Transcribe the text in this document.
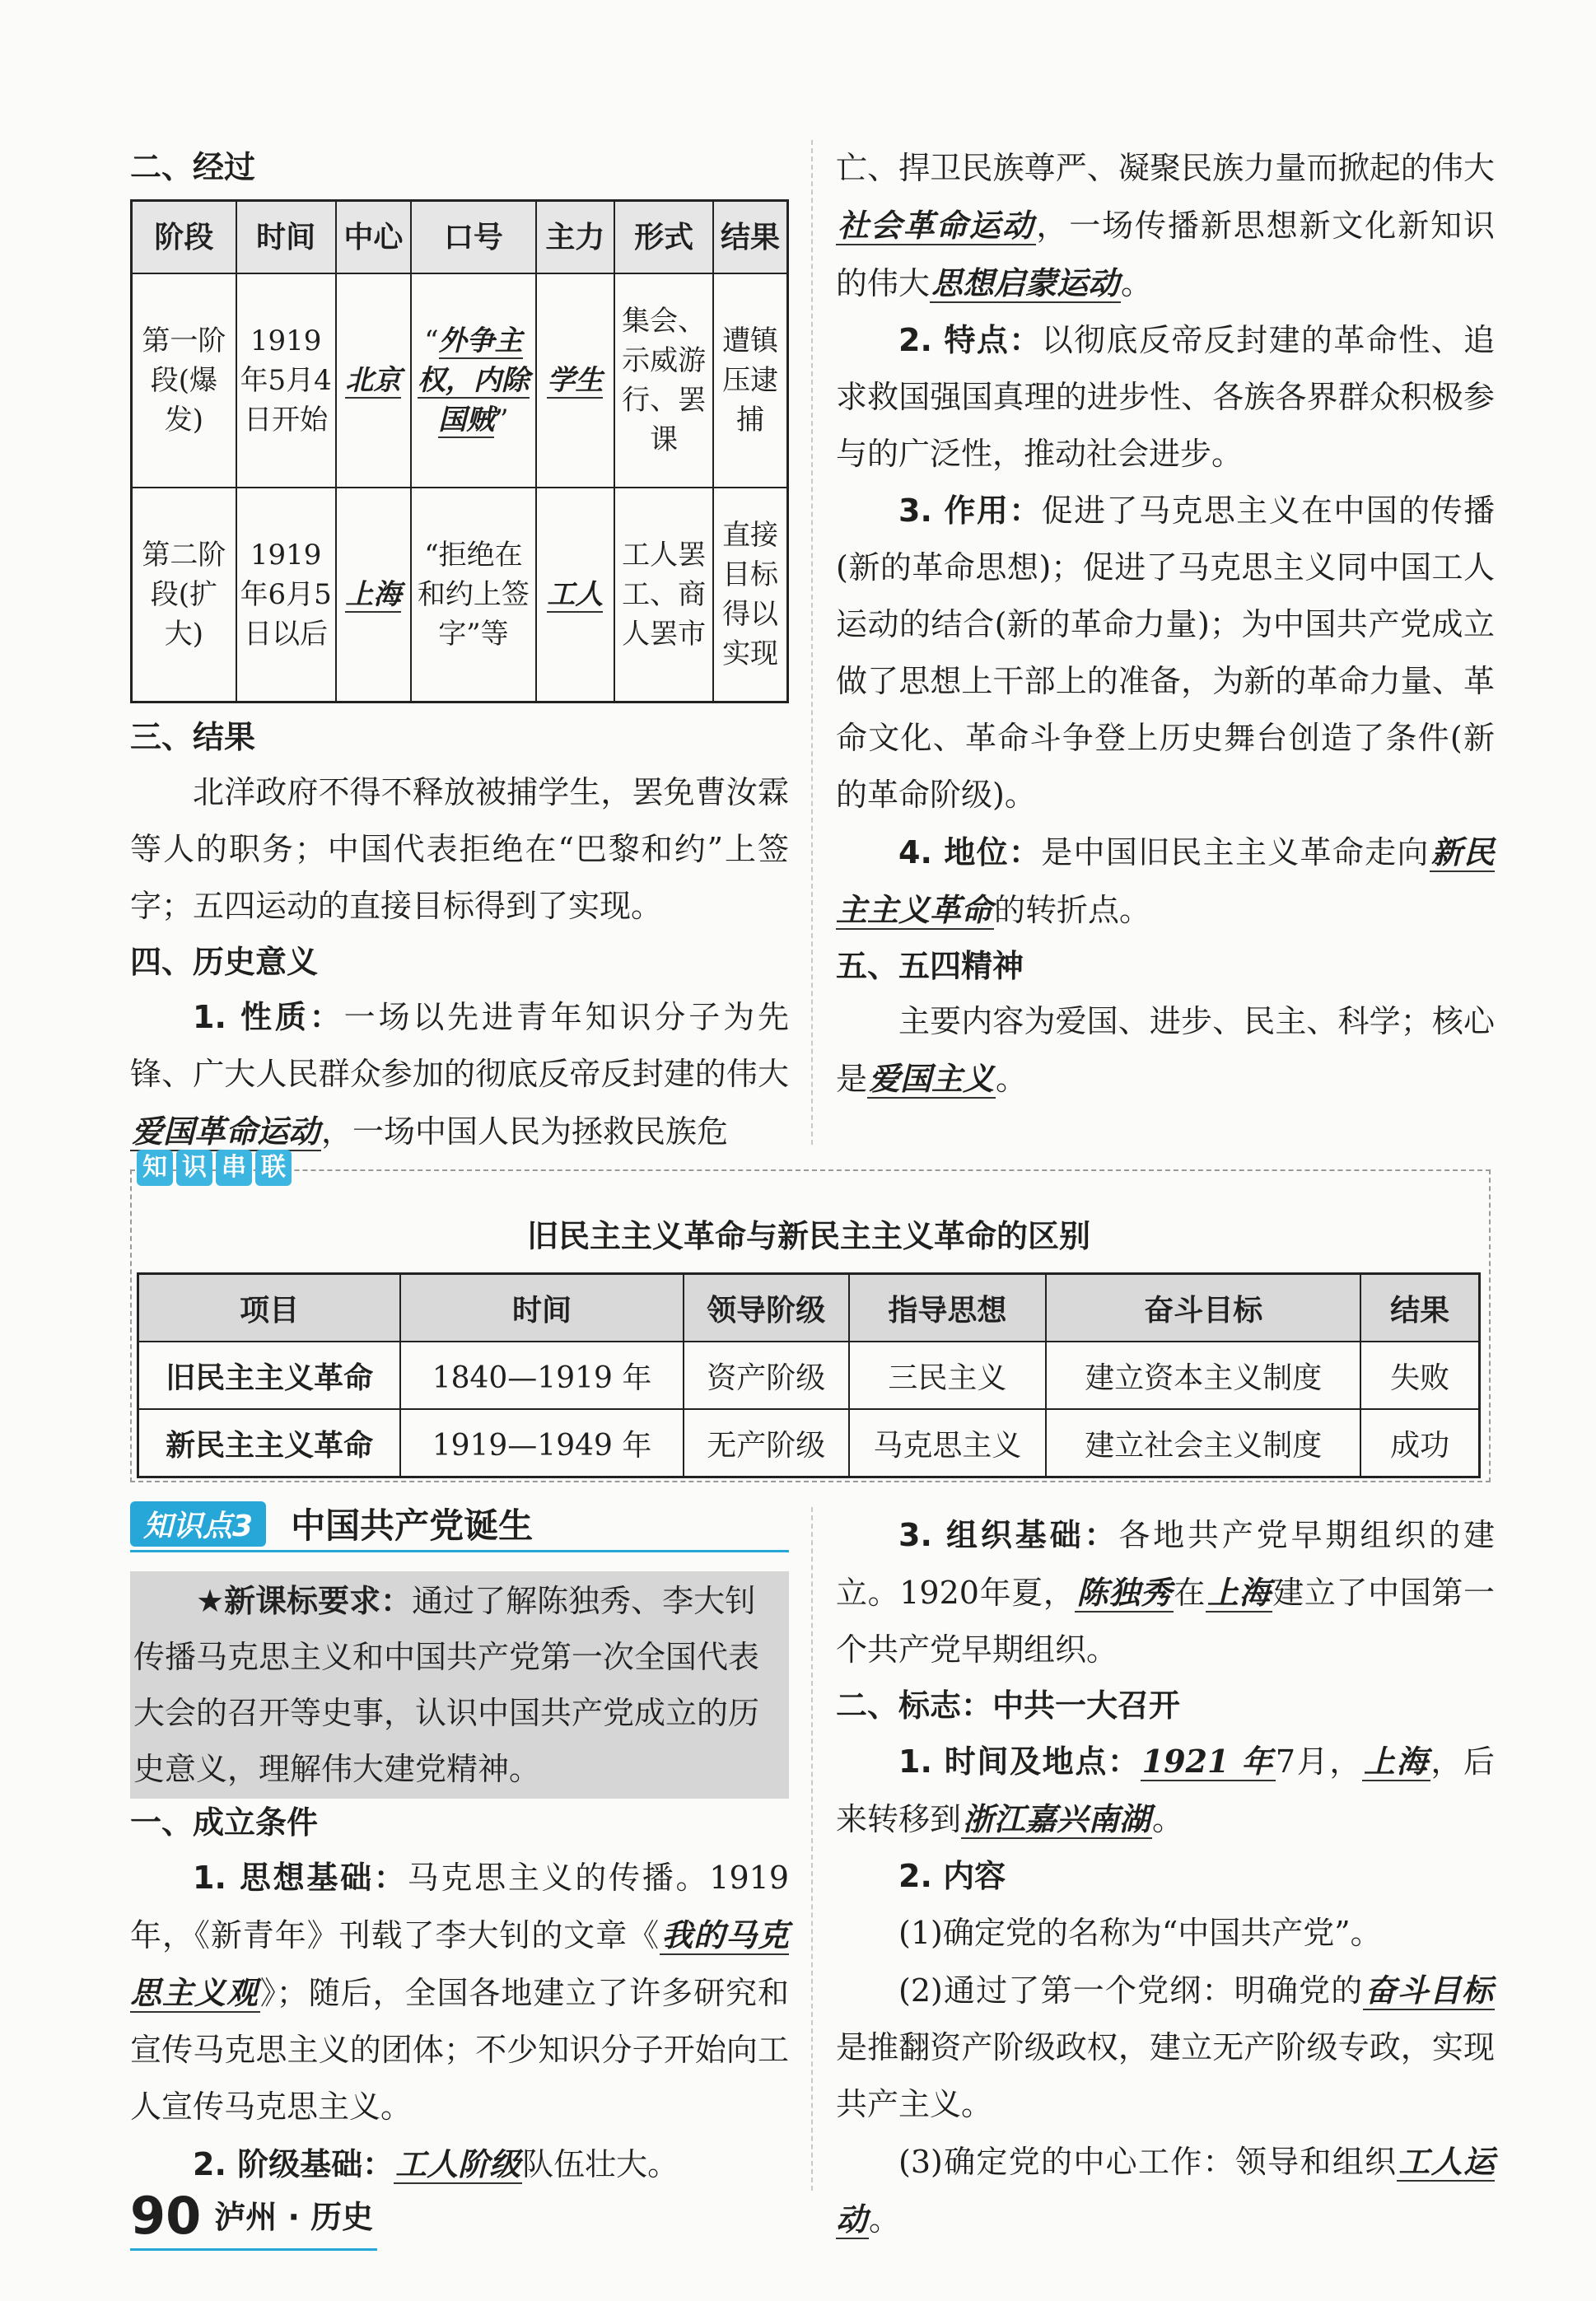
二、经过
阶段	时间	中心	口号	主力	形式	结果
第一阶段(爆发)	1919年5月4日开始	北京	“外争主权，内除国贼”	学生	集会、示威游行、罢课	遭镇压逮捕
第二阶段(扩大)	1919年6月5日以后	上海	“拒绝在和约上签字”等	工人	工人罢工、商人罢市	直接目标得以实现
三、结果
北洋政府不得不释放被捕学生，罢免曹汝霖等人的职务；中国代表拒绝在“巴黎和约”上签字；五四运动的直接目标得到了实现。
四、历史意义
1. 性质：一场以先进青年知识分子为先锋、广大人民群众参加的彻底反帝反封建的伟大爱国革命运动，一场中国人民为拯救民族危
亡、捍卫民族尊严、凝聚民族力量而掀起的伟大社会革命运动，一场传播新思想新文化新知识的伟大思想启蒙运动。
2. 特点：以彻底反帝反封建的革命性、追求救国强国真理的进步性、各族各界群众积极参与的广泛性，推动社会进步。
3. 作用：促进了马克思主义在中国的传播(新的革命思想)；促进了马克思主义同中国工人运动的结合(新的革命力量)；为中国共产党成立做了思想上干部上的准备，为新的革命力量、革命文化、革命斗争登上历史舞台创造了条件(新的革命阶级)。
4. 地位：是中国旧民主主义革命走向新民主主义革命的转折点。
五、五四精神
主要内容为爱国、进步、民主、科学；核心是爱国主义。
知 识 串 联
旧民主主义革命与新民主主义革命的区别
项目	时间	领导阶级	指导思想	奋斗目标	结果
旧民主主义革命	1840—1919 年	资产阶级	三民主义	建立资本主义制度	失败
新民主主义革命	1919—1949 年	无产阶级	马克思主义	建立社会主义制度	成功
知识点3	中国共产党诞生
★新课标要求：通过了解陈独秀、李大钊传播马克思主义和中国共产党第一次全国代表大会的召开等史事，认识中国共产党成立的历史意义，理解伟大建党精神。
一、成立条件
1. 思想基础：马克思主义的传播。1919年，《新青年》刊载了李大钊的文章《我的马克思主义观》；随后，全国各地建立了许多研究和宣传马克思主义的团体；不少知识分子开始向工人宣传马克思主义。
2. 阶级基础：工人阶级队伍壮大。
3. 组织基础：各地共产党早期组织的建立。1920年夏，陈独秀在上海建立了中国第一个共产党早期组织。
二、标志：中共一大召开
1. 时间及地点：1921 年7月，上海，后来转移到浙江嘉兴南湖。
2. 内容
(1)确定党的名称为“中国共产党”。
(2)通过了第一个党纲：明确党的奋斗目标是推翻资产阶级政权，建立无产阶级专政，实现共产主义。
(3)确定党的中心工作：领导和组织工人运动。
90 泸州 · 历史
